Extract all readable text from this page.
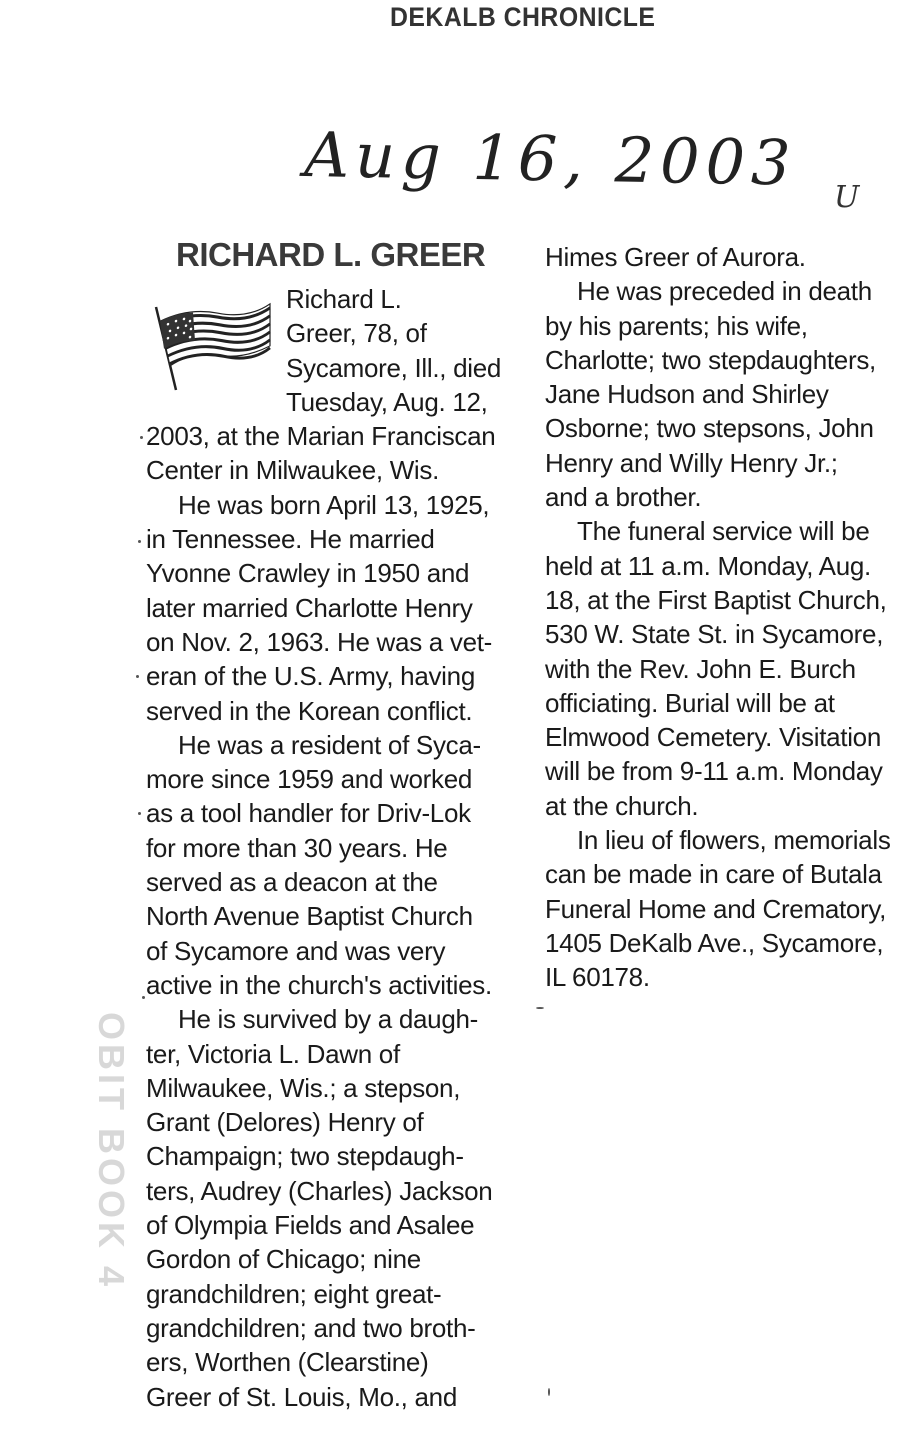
DEKALB CHRONICLE
Aug 16, 2003 U
RICHARD L. GREER
Richard L.
Greer, 78, of
Sycamore, Ill., died
Tuesday, Aug. 12,
2003, at the Marian Franciscan
Center in Milwaukee, Wis.
He was born April 13, 1925,
in Tennessee. He married
Yvonne Crawley in 1950 and
later married Charlotte Henry
on Nov. 2, 1963. He was a vet-
eran of the U.S. Army, having
served in the Korean conflict.
He was a resident of Syca-
more since 1959 and worked
as a tool handler for Driv-Lok
for more than 30 years. He
served as a deacon at the
North Avenue Baptist Church
of Sycamore and was very
active in the church's activities.
He is survived by a daugh-
ter, Victoria L. Dawn of
Milwaukee, Wis.; a stepson,
Grant (Delores) Henry of
Champaign; two stepdaugh-
ters, Audrey (Charles) Jackson
of Olympia Fields and Asalee
Gordon of Chicago; nine
grandchildren; eight great-
grandchildren; and two broth-
ers, Worthen (Clearstine)
Greer of St. Louis, Mo., and
Himes Greer of Aurora.
He was preceded in death
by his parents; his wife,
Charlotte; two stepdaughters,
Jane Hudson and Shirley
Osborne; two stepsons, John
Henry and Willy Henry Jr.;
and a brother.
The funeral service will be
held at 11 a.m. Monday, Aug.
18, at the First Baptist Church,
530 W. State St. in Sycamore,
with the Rev. John E. Burch
officiating. Burial will be at
Elmwood Cemetery. Visitation
will be from 9-11 a.m. Monday
at the church.
In lieu of flowers, memorials
can be made in care of Butala
Funeral Home and Crematory,
1405 DeKalb Ave., Sycamore,
IL 60178.
OBIT BOOK 4
